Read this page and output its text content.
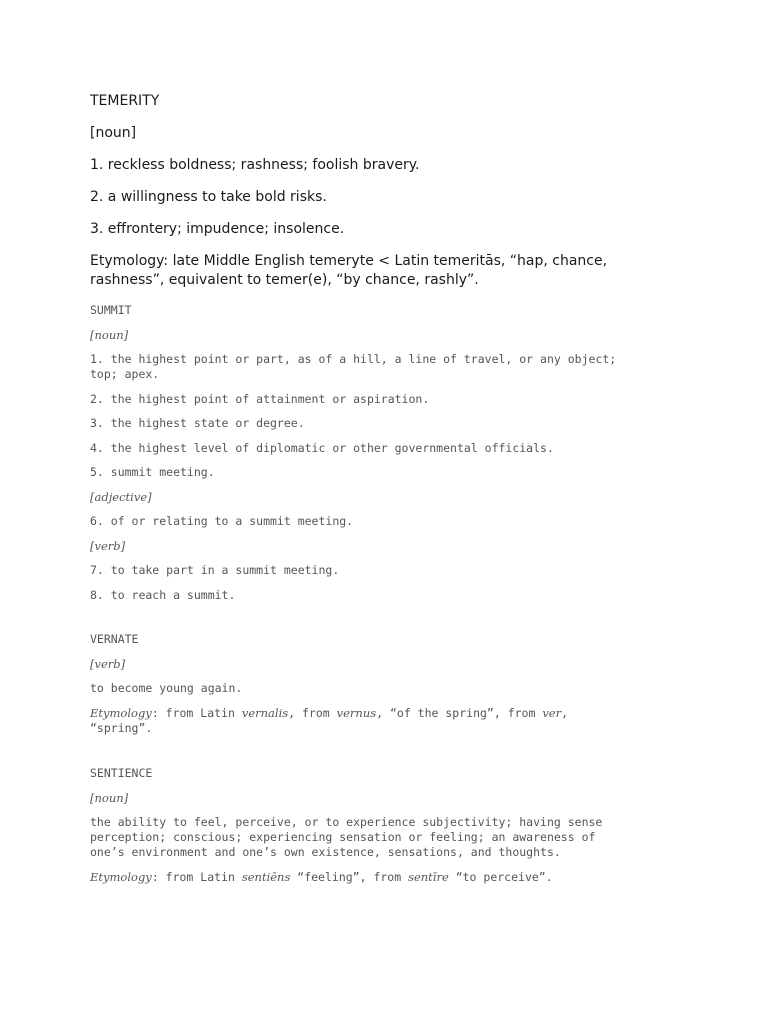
TEMERITY

[noun]

1. reckless boldness; rashness; foolish bravery.

2. a willingness to take bold risks.

3. effrontery; impudence; insolence.

Etymology: late Middle English temeryte < Latin temeritās, “hap, chance,
rashness”, equivalent to temer(e), “by chance, rashly”.

SUMMIT

[noun]

1. the highest point or part, as of a hill, a line of travel, or any object;
top; apex.

2. the highest point of attainment or aspiration.

3. the highest state or degree.

4. the highest level of diplomatic or other governmental officials.

5. summit meeting.

[adjective]

6. of or relating to a summit meeting.

[verb]

7. to take part in a summit meeting.

8. to reach a summit.

VERNATE

[verb]

to become young again.

Etymology: from Latin vernalis, from vernus, “of the spring”, from ver,
“spring”.

SENTIENCE

[noun]

the ability to feel, perceive, or to experience subjectivity; having sense
perception; conscious; experiencing sensation or feeling; an awareness of
one’s environment and one’s own existence, sensations, and thoughts.

Etymology: from Latin sentiēns “feeling”, from sentīre “to perceive”.
